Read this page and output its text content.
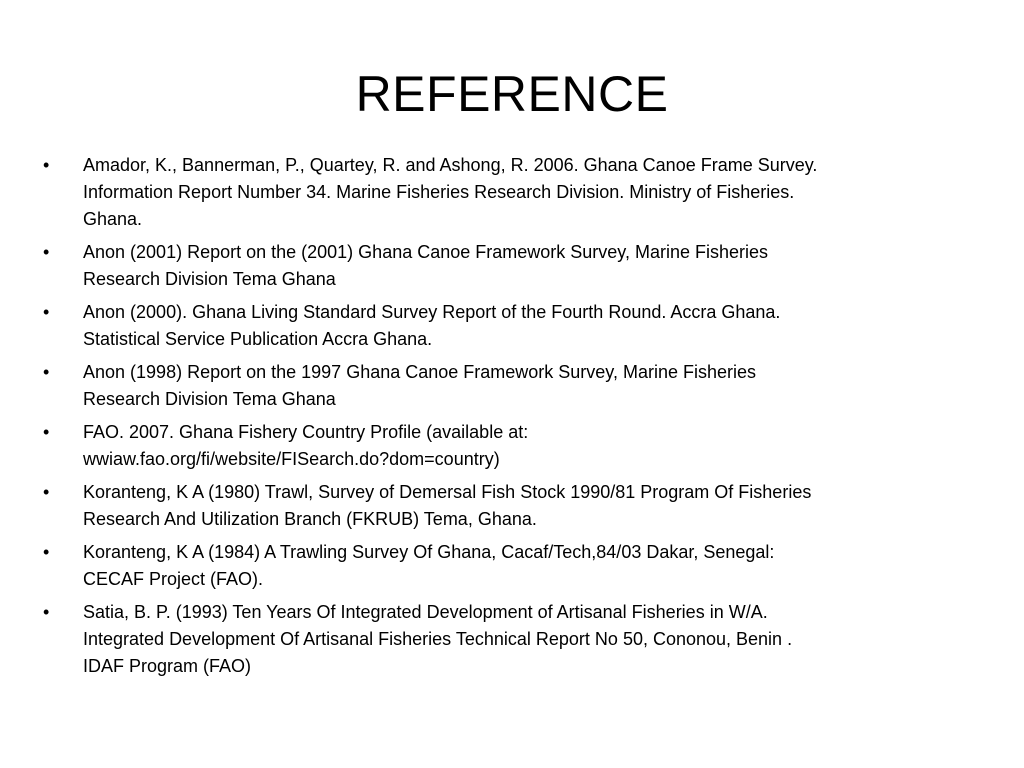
REFERENCE
• Amador, K., Bannerman, P., Quartey, R. and Ashong, R. 2006. Ghana Canoe Frame Survey.
Information Report Number 34. Marine Fisheries Research Division. Ministry of Fisheries.
Ghana.
• Anon (2001) Report on the (2001) Ghana Canoe Framework Survey, Marine Fisheries
Research Division Tema Ghana
• Anon (2000). Ghana Living Standard Survey Report of the Fourth Round. Accra Ghana.
Statistical Service Publication Accra Ghana.
• Anon (1998) Report on the 1997 Ghana Canoe Framework Survey, Marine Fisheries
Research Division Tema Ghana
• FAO. 2007. Ghana Fishery Country Profile (available at:
wwiaw.fao.org/fi/website/FISearch.do?dom=country)
• Koranteng, K A (1980) Trawl, Survey of Demersal Fish Stock 1990/81 Program Of Fisheries
Research And Utilization Branch (FKRUB) Tema, Ghana.
• Koranteng, K A (1984) A Trawling Survey Of Ghana, Cacaf/Tech,84/03 Dakar, Senegal:
CECAF Project (FAO).
• Satia, B. P. (1993) Ten Years Of Integrated Development of Artisanal Fisheries in W/A.
Integrated Development Of Artisanal Fisheries Technical Report No 50, Cononou, Benin .
IDAF Program (FAO)
